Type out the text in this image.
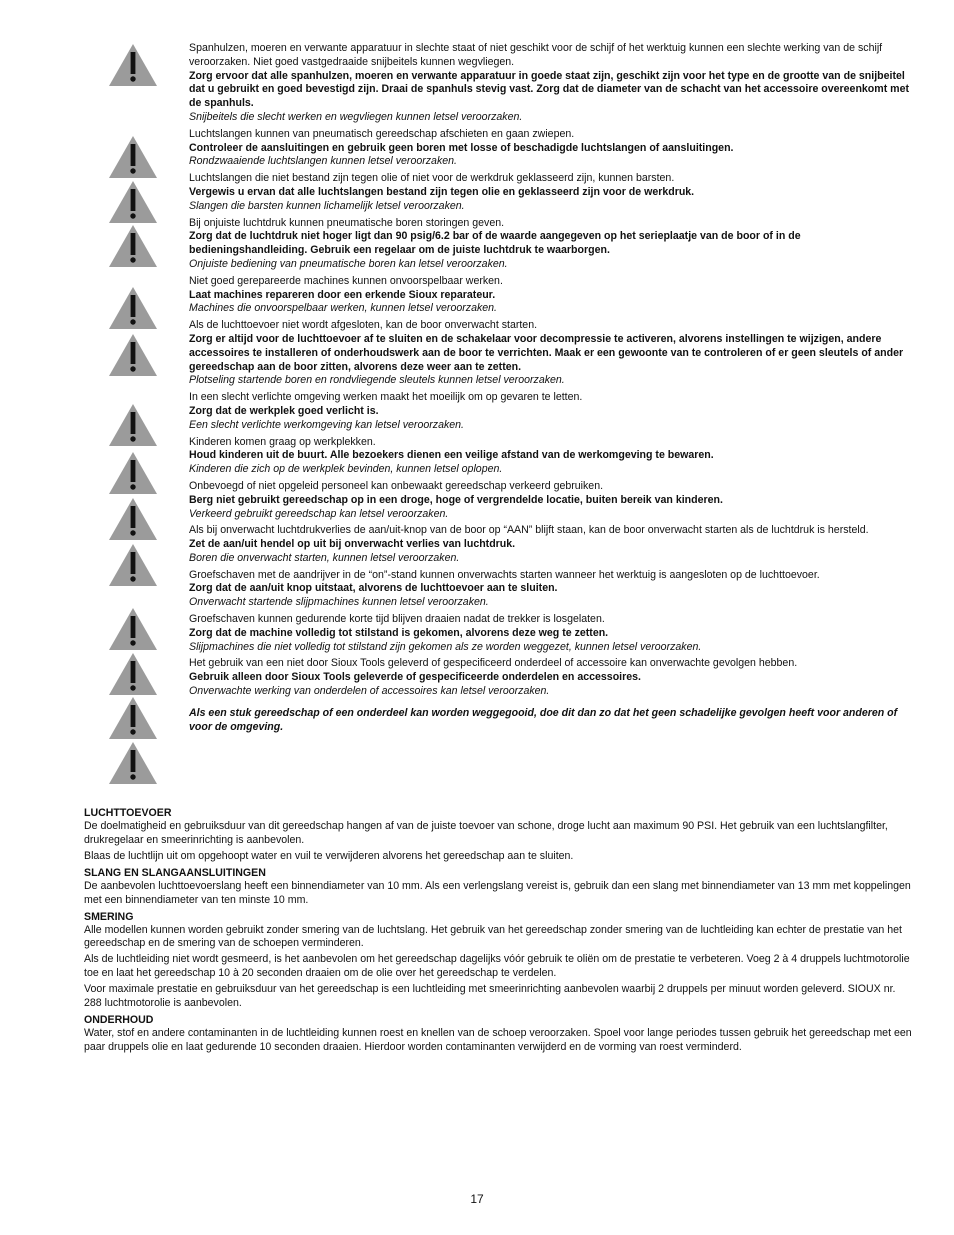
Spanhulzen, moeren en verwante apparatuur in slechte staat of niet geschikt voor de schijf of het werktuig kunnen een slechte werking van de schijf veroorzaken. Niet goed vastgedraaide snijbeitels kunnen wegvliegen.

Zorg ervoor dat alle spanhulzen, moeren en verwante apparatuur in goede staat zijn, geschikt zijn voor het type en de grootte van de snijbeitel dat u gebruikt en goed bevestigd zijn. Draai de spanhuls stevig vast. Zorg dat de diameter van de schacht van het accessoire overeenkomt met de spanhuls.

Snijbeitels die slecht werken en wegvliegen kunnen letsel veroorzaken.

Luchtslangen kunnen van pneumatisch gereedschap afschieten en gaan zwiepen.

Controleer de aansluitingen en gebruik geen boren met losse of beschadigde luchtslangen of aansluitingen.

Rondzwaaiende luchtslangen kunnen letsel veroorzaken.

Luchtslangen die niet bestand zijn tegen olie of niet voor de werkdruk geklasseerd zijn, kunnen barsten.

Vergewis u ervan dat alle luchtslangen bestand zijn tegen olie en geklasseerd zijn voor de werkdruk.

Slangen die barsten kunnen lichamelijk letsel veroorzaken.

Bij onjuiste luchtdruk kunnen pneumatische boren storingen geven.

Zorg dat de luchtdruk niet hoger ligt dan 90 psig/6.2 bar of de waarde aangegeven op het serieplaatje van de boor of in de bedieningshandleiding. Gebruik een regelaar om de juiste luchtdruk te waarborgen.

Onjuiste bediening van pneumatische boren kan letsel veroorzaken.

Niet goed gerepareerde machines kunnen onvoorspelbaar werken.

Laat machines repareren door een erkende Sioux reparateur.

Machines die onvoorspelbaar werken, kunnen letsel veroorzaken.

Als de luchttoevoer niet wordt afgesloten, kan de boor onverwacht starten.

Zorg er altijd voor de luchttoevoer af te sluiten en de schakelaar voor decompressie te activeren, alvorens instellingen te wijzigen, andere accessoires te installeren of onderhoudswerk aan de boor te verrichten. Maak er een gewoonte van te controleren of er geen sleutels of ander gereedschap aan de boor zitten, alvorens deze weer aan te zetten.

Plotseling startende boren en rondvliegende sleutels kunnen letsel veroorzaken.

In een slecht verlichte omgeving werken maakt het moeilijk om op gevaren te letten.

Zorg dat de werkplek goed verlicht is.

Een slecht verlichte werkomgeving kan letsel veroorzaken.

Kinderen komen graag op werkplekken.

Houd kinderen uit de buurt. Alle bezoekers dienen een veilige afstand van de werkomgeving te bewaren.

Kinderen die zich op de werkplek bevinden, kunnen letsel oplopen.

Onbevoegd of niet opgeleid personeel kan onbewaakt gereedschap verkeerd gebruiken.

Berg niet gebruikt gereedschap op in een droge, hoge of vergrendelde locatie, buiten bereik van kinderen.

Verkeerd gebruikt gereedschap kan letsel veroorzaken.

Als bij onverwacht luchtdrukverlies de aan/uit-knop van de boor op “AAN” blijft staan, kan de boor onverwacht starten als de luchtdruk is hersteld.

Zet de aan/uit hendel op uit bij onverwacht verlies van luchtdruk.

Boren die onverwacht starten, kunnen letsel veroorzaken.

Groefschaven met de aandrijver in de “on”-stand kunnen onverwachts starten wanneer het werktuig is aangesloten op de luchttoevoer.

Zorg dat de aan/uit knop uitstaat, alvorens de luchttoevoer aan te sluiten.

Onverwacht startende slijpmachines kunnen letsel veroorzaken.

Groefschaven kunnen gedurende korte tijd blijven draaien nadat de trekker is losgelaten.

Zorg dat de machine volledig tot stilstand is gekomen, alvorens deze weg te zetten.

Slijpmachines die niet volledig tot stilstand zijn gekomen als ze worden weggezet, kunnen letsel veroorzaken.

Het gebruik van een niet door Sioux Tools geleverd of gespecificeerd onderdeel of accessoire kan onverwachte gevolgen hebben.

Gebruik alleen door Sioux Tools geleverde of gespecificeerde onderdelen en accessoires.

Onverwachte werking van onderdelen of accessoires kan letsel veroorzaken.

Als een stuk gereedschap of een onderdeel kan worden weggegooid, doe dit dan zo dat het geen schadelijke gevolgen heeft voor anderen of voor de omgeving.

LUCHTTOEVOER

De doelmatigheid en gebruiksduur van dit gereedschap hangen af van de juiste toevoer van schone, droge lucht aan maximum 90 PSI. Het gebruik van een luchtslangfilter, drukregelaar en smeerinrichting is aanbevolen.

Blaas de luchtlijn uit om opgehoopt water en vuil te verwijderen alvorens het gereedschap aan te sluiten.

SLANG EN SLANGAANSLUITINGEN

De aanbevolen luchttoevoerslang heeft een binnendiameter van 10 mm. Als een verlengslang vereist is, gebruik dan een slang met binnendiameter van 13 mm met koppelingen met een binnendiameter van ten minste 10 mm.

SMERING

Alle modellen kunnen worden gebruikt zonder smering van de luchtslang. Het gebruik van het gereedschap zonder smering van de luchtleiding kan echter de prestatie van het gereedschap en de smering van de schoepen verminderen.

Als de luchtleiding niet wordt gesmeerd, is het aanbevolen om het gereedschap dagelijks vóór gebruik te oliën om de prestatie te verbeteren. Voeg 2 à 4 druppels luchtmotorolie toe en laat het gereedschap 10 à 20 seconden draaien om de olie over het gereedschap te verdelen.

Voor maximale prestatie en gebruiksduur van het gereedschap is een luchtleiding met smeerinrichting aanbevolen waarbij 2 druppels per minuut worden geleverd. SIOUX nr. 288 luchtmotorolie is aanbevolen.

ONDERHOUD

Water, stof en andere contaminanten in de luchtleiding kunnen roest en knellen van de schoep veroorzaken. Spoel voor lange periodes tussen gebruik het gereedschap met een paar druppels olie en laat gedurende 10 seconden draaien. Hierdoor worden contaminanten verwijderd en de vorming van roest verminderd.

17
